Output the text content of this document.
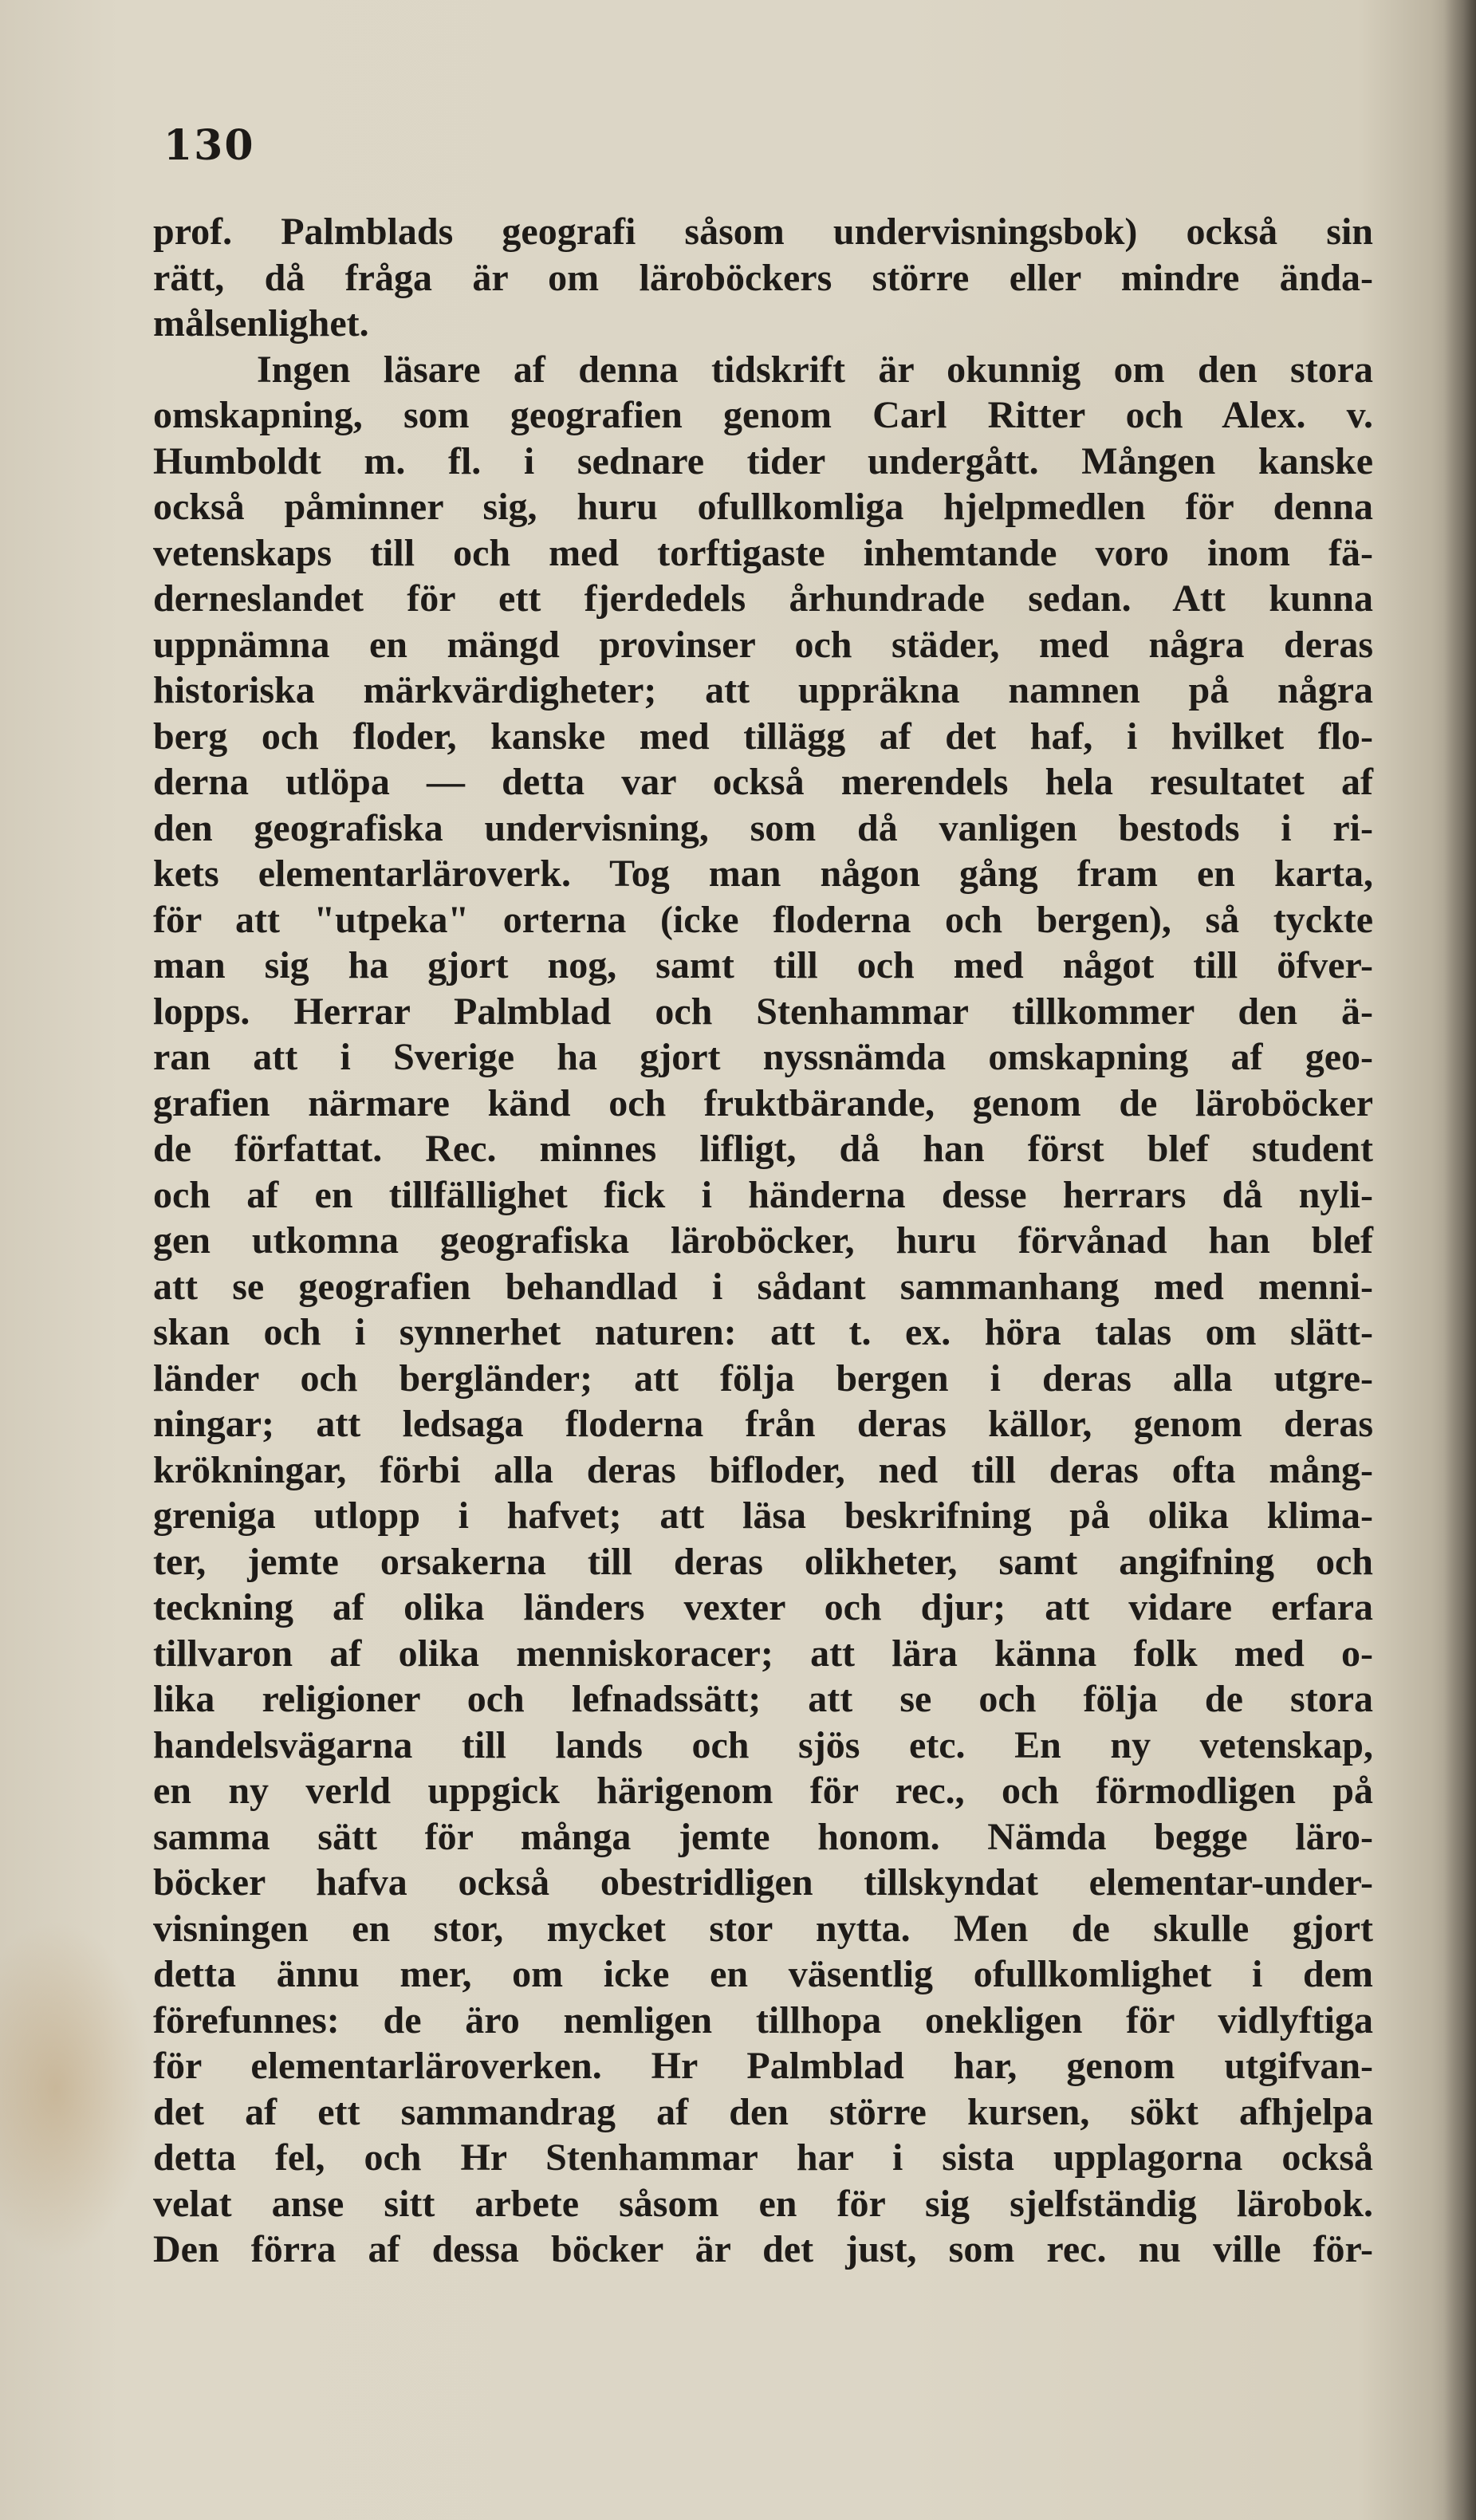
130
prof. Palmblads geografi såsom undervisningsbok) också sin
rätt, då fråga är om läroböckers större eller mindre ända-
målsenlighet.
Ingen läsare af denna tidskrift är okunnig om den stora
omskapning, som geografien genom Carl Ritter och Alex. v.
Humboldt m. fl. i sednare tider undergått. Mången kanske
också påminner sig, huru ofullkomliga hjelpmedlen för denna
vetenskaps till och med torftigaste inhemtande voro inom fä-
derneslandet för ett fjerdedels århundrade sedan. Att kunna
uppnämna en mängd provinser och städer, med några deras
historiska märkvärdigheter; att uppräkna namnen på några
berg och floder, kanske med tillägg af det haf, i hvilket flo-
derna utlöpa — detta var också merendels hela resultatet af
den geografiska undervisning, som då vanligen bestods i ri-
kets elementarläroverk. Tog man någon gång fram en karta,
för att "utpeka" orterna (icke floderna och bergen), så tyckte
man sig ha gjort nog, samt till och med något till öfver-
lopps. Herrar Palmblad och Stenhammar tillkommer den ä-
ran att i Sverige ha gjort nyssnämda omskapning af geo-
grafien närmare känd och fruktbärande, genom de läroböcker
de författat. Rec. minnes lifligt, då han först blef student
och af en tillfällighet fick i händerna desse herrars då nyli-
gen utkomna geografiska läroböcker, huru förvånad han blef
att se geografien behandlad i sådant sammanhang med menni-
skan och i synnerhet naturen: att t. ex. höra talas om slätt-
länder och bergländer; att följa bergen i deras alla utgre-
ningar; att ledsaga floderna från deras källor, genom deras
krökningar, förbi alla deras bifloder, ned till deras ofta mång-
greniga utlopp i hafvet; att läsa beskrifning på olika klima-
ter, jemte orsakerna till deras olikheter, samt angifning och
teckning af olika länders vexter och djur; att vidare erfara
tillvaron af olika menniskoracer; att lära känna folk med o-
lika religioner och lefnadssätt; att se och följa de stora
handelsvägarna till lands och sjös etc. En ny vetenskap,
en ny verld uppgick härigenom för rec., och förmodligen på
samma sätt för många jemte honom. Nämda begge läro-
böcker hafva också obestridligen tillskyndat elementar-under-
visningen en stor, mycket stor nytta. Men de skulle gjort
detta ännu mer, om icke en väsentlig ofullkomlighet i dem
förefunnes: de äro nemligen tillhopa onekligen för vidlyftiga
för elementarläroverken. Hr Palmblad har, genom utgifvan-
det af ett sammandrag af den större kursen, sökt afhjelpa
detta fel, och Hr Stenhammar har i sista upplagorna också
velat anse sitt arbete såsom en för sig sjelfständig lärobok.
Den förra af dessa böcker är det just, som rec. nu ville för-
